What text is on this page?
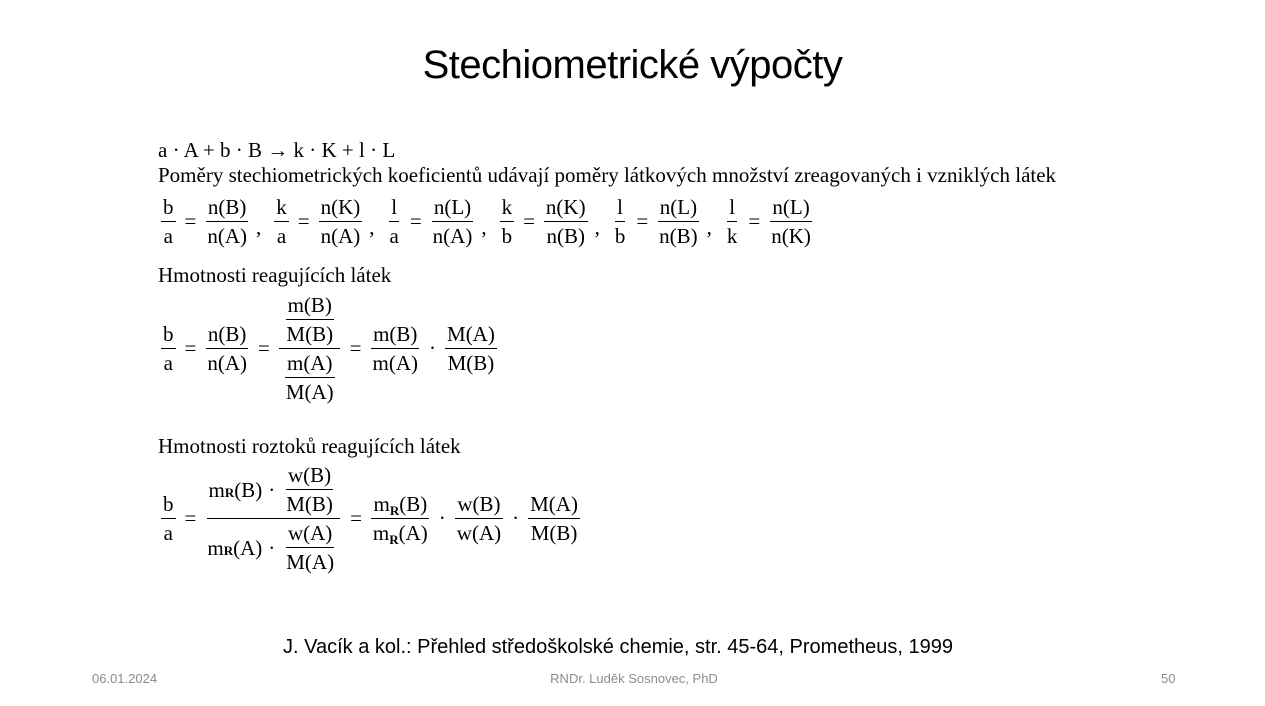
Stechiometrické výpočty
a · A + b · B → k · K + l · L
Poměry stechiometrických koeficientů udávají poměry látkových množství zreagovaných i vzniklých látek
$\frac{b}{a} = \frac{n(B)}{n(A)}$ , $\frac{k}{a} = \frac{n(K)}{n(A)}$ , $\frac{l}{a} = \frac{n(L)}{n(A)}$ , $\frac{k}{b} = \frac{n(K)}{n(B)}$ , $\frac{l}{b} = \frac{n(L)}{n(B)}$ , $\frac{l}{k} = \frac{n(L)}{n(K)}$
Hmotnosti reagujících látek
$\frac{b}{a} = \frac{n(B)}{n(A)} = \frac{\frac{m(B)}{M(B)}}{\frac{m(A)}{M(A)}} = \frac{m(B)}{m(A)} \cdot \frac{M(A)}{M(B)}$
Hmotnosti roztoků reagujících látek
$\frac{b}{a} = \frac{m R (B) \cdot \frac{w(B)}{M(B)}}{m R (A) \cdot \frac{w(A)}{M(A)}} = \frac{mR(B)}{mR(A)} \cdot \frac{w(B)}{w(A)} \cdot \frac{M(A)}{M(B)}$
J. Vacík a kol.: Přehled středoškolské chemie, str. 45-64, Prometheus, 1999
06.01.2024	RNDr. Luděk Sosnovec, PhD	50
